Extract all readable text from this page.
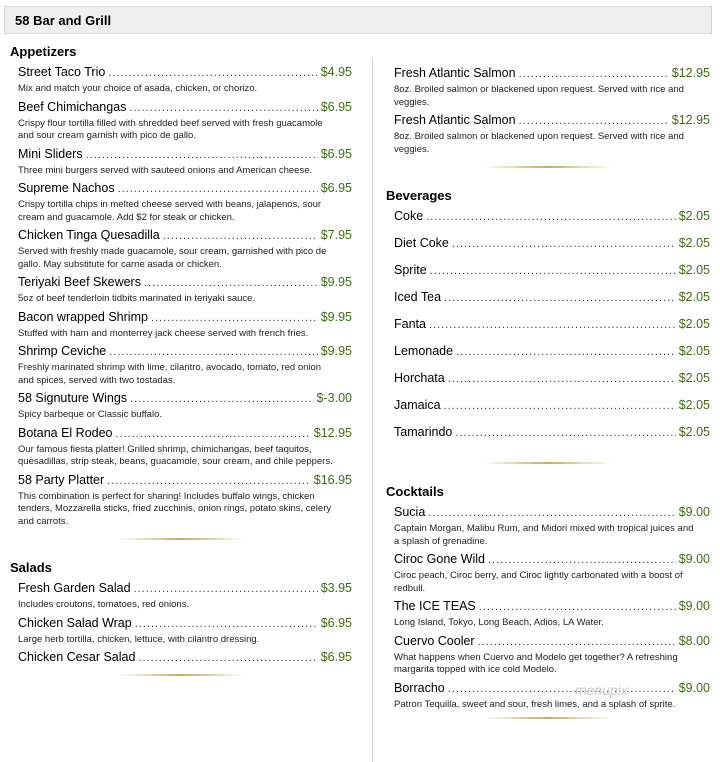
58 Bar and Grill
Appetizers
Street Taco Trio .....	$4.95
Mix and match your choice of asada, chicken, or chorizo.
Beef Chimichangas .....	$6.95
Crispy flour tortilla filled with shredded beef served with fresh guacamole and sour cream garnish with pico de gallo.
Mini Sliders .....	$6.95
Three mini burgers served with sauteed onions and American cheese.
Supreme Nachos .....	$6.95
Crispy tortilla chips in melted cheese served with beans, jalapenos, sour cream and guacamole. Add $2 for steak or chicken.
Chicken Tinga Quesadilla .....	$7.95
Served with freshly made guacamole, sour cream, garnished with pico de gallo. May substitute for carne asada or chicken.
Teriyaki Beef Skewers .....	$9.95
5oz of beef tenderloin tidbits marinated in teriyaki sauce.
Bacon wrapped Shrimp .....	$9.95
Stuffed with ham and monterrey jack cheese served with french fries.
Shrimp Ceviche .....	$9.95
Freshly marinated shrimp with lime, cilantro, avocado, tomato, red onion and spices, served with two tostadas.
58 Signuture Wings .....	$-3.00
Spicy barbeque or Classic buffalo.
Botana El Rodeo .....	$12.95
Our famous fiesta platter! Grilled shrimp, chimichangas, beef taquitos, quesadillas, strip steak, beans, guacamole, sour cream, and chile peppers.
58 Party Platter .....	$16.95
This combination is perfect for sharing! Includes buffalo wings, chicken tenders, Mozzarella sticks, fried zucchinis, onion rings, potato skins, celery and carrots.
Salads
Fresh Garden Salad .....	$3.95
Includes croutons, tomatoes, red onions.
Chicken Salad Wrap .....	$6.95
Large herb tortilla, chicken, lettuce, with cilantro dressing.
Chicken Cesar Salad .....	$6.95
Fresh Atlantic Salmon .....	$12.95
8oz. Broiled salmon or blackened upon request. Served with rice and veggies.
Fresh Atlantic Salmon .....	$12.95
8oz. Broiled salmon or blackened upon request. Served with rice and veggies.
Beverages
Coke .....	$2.05
Diet Coke .....	$2.05
Sprite .....	$2.05
Iced Tea .....	$2.05
Fanta .....	$2.05
Lemonade .....	$2.05
Horchata .....	$2.05
Jamaica .....	$2.05
Tamarindo .....	$2.05
Cocktails
Sucia .....	$9.00
Captain Morgan, Malibu Rum, and Midori mixed with tropical juices and a splash of grenadine.
Ciroc Gone Wild .....	$9.00
Ciroc peach, Ciroc berry, and Ciroc lightly carbonated with a boost of redbull.
The ICE TEAS .....	$9.00
Long Island, Tokyo, Long Beach, Adios, LA Water.
Cuervo Cooler .....	$8.00
What happens when Cuervo and Modelo get together? A refreshing margarita topped with ice cold Modelo.
Borracho .....	$9.00
Patron Tequilla, sweet and sour, fresh limes, and a splash of sprite.
menupix
